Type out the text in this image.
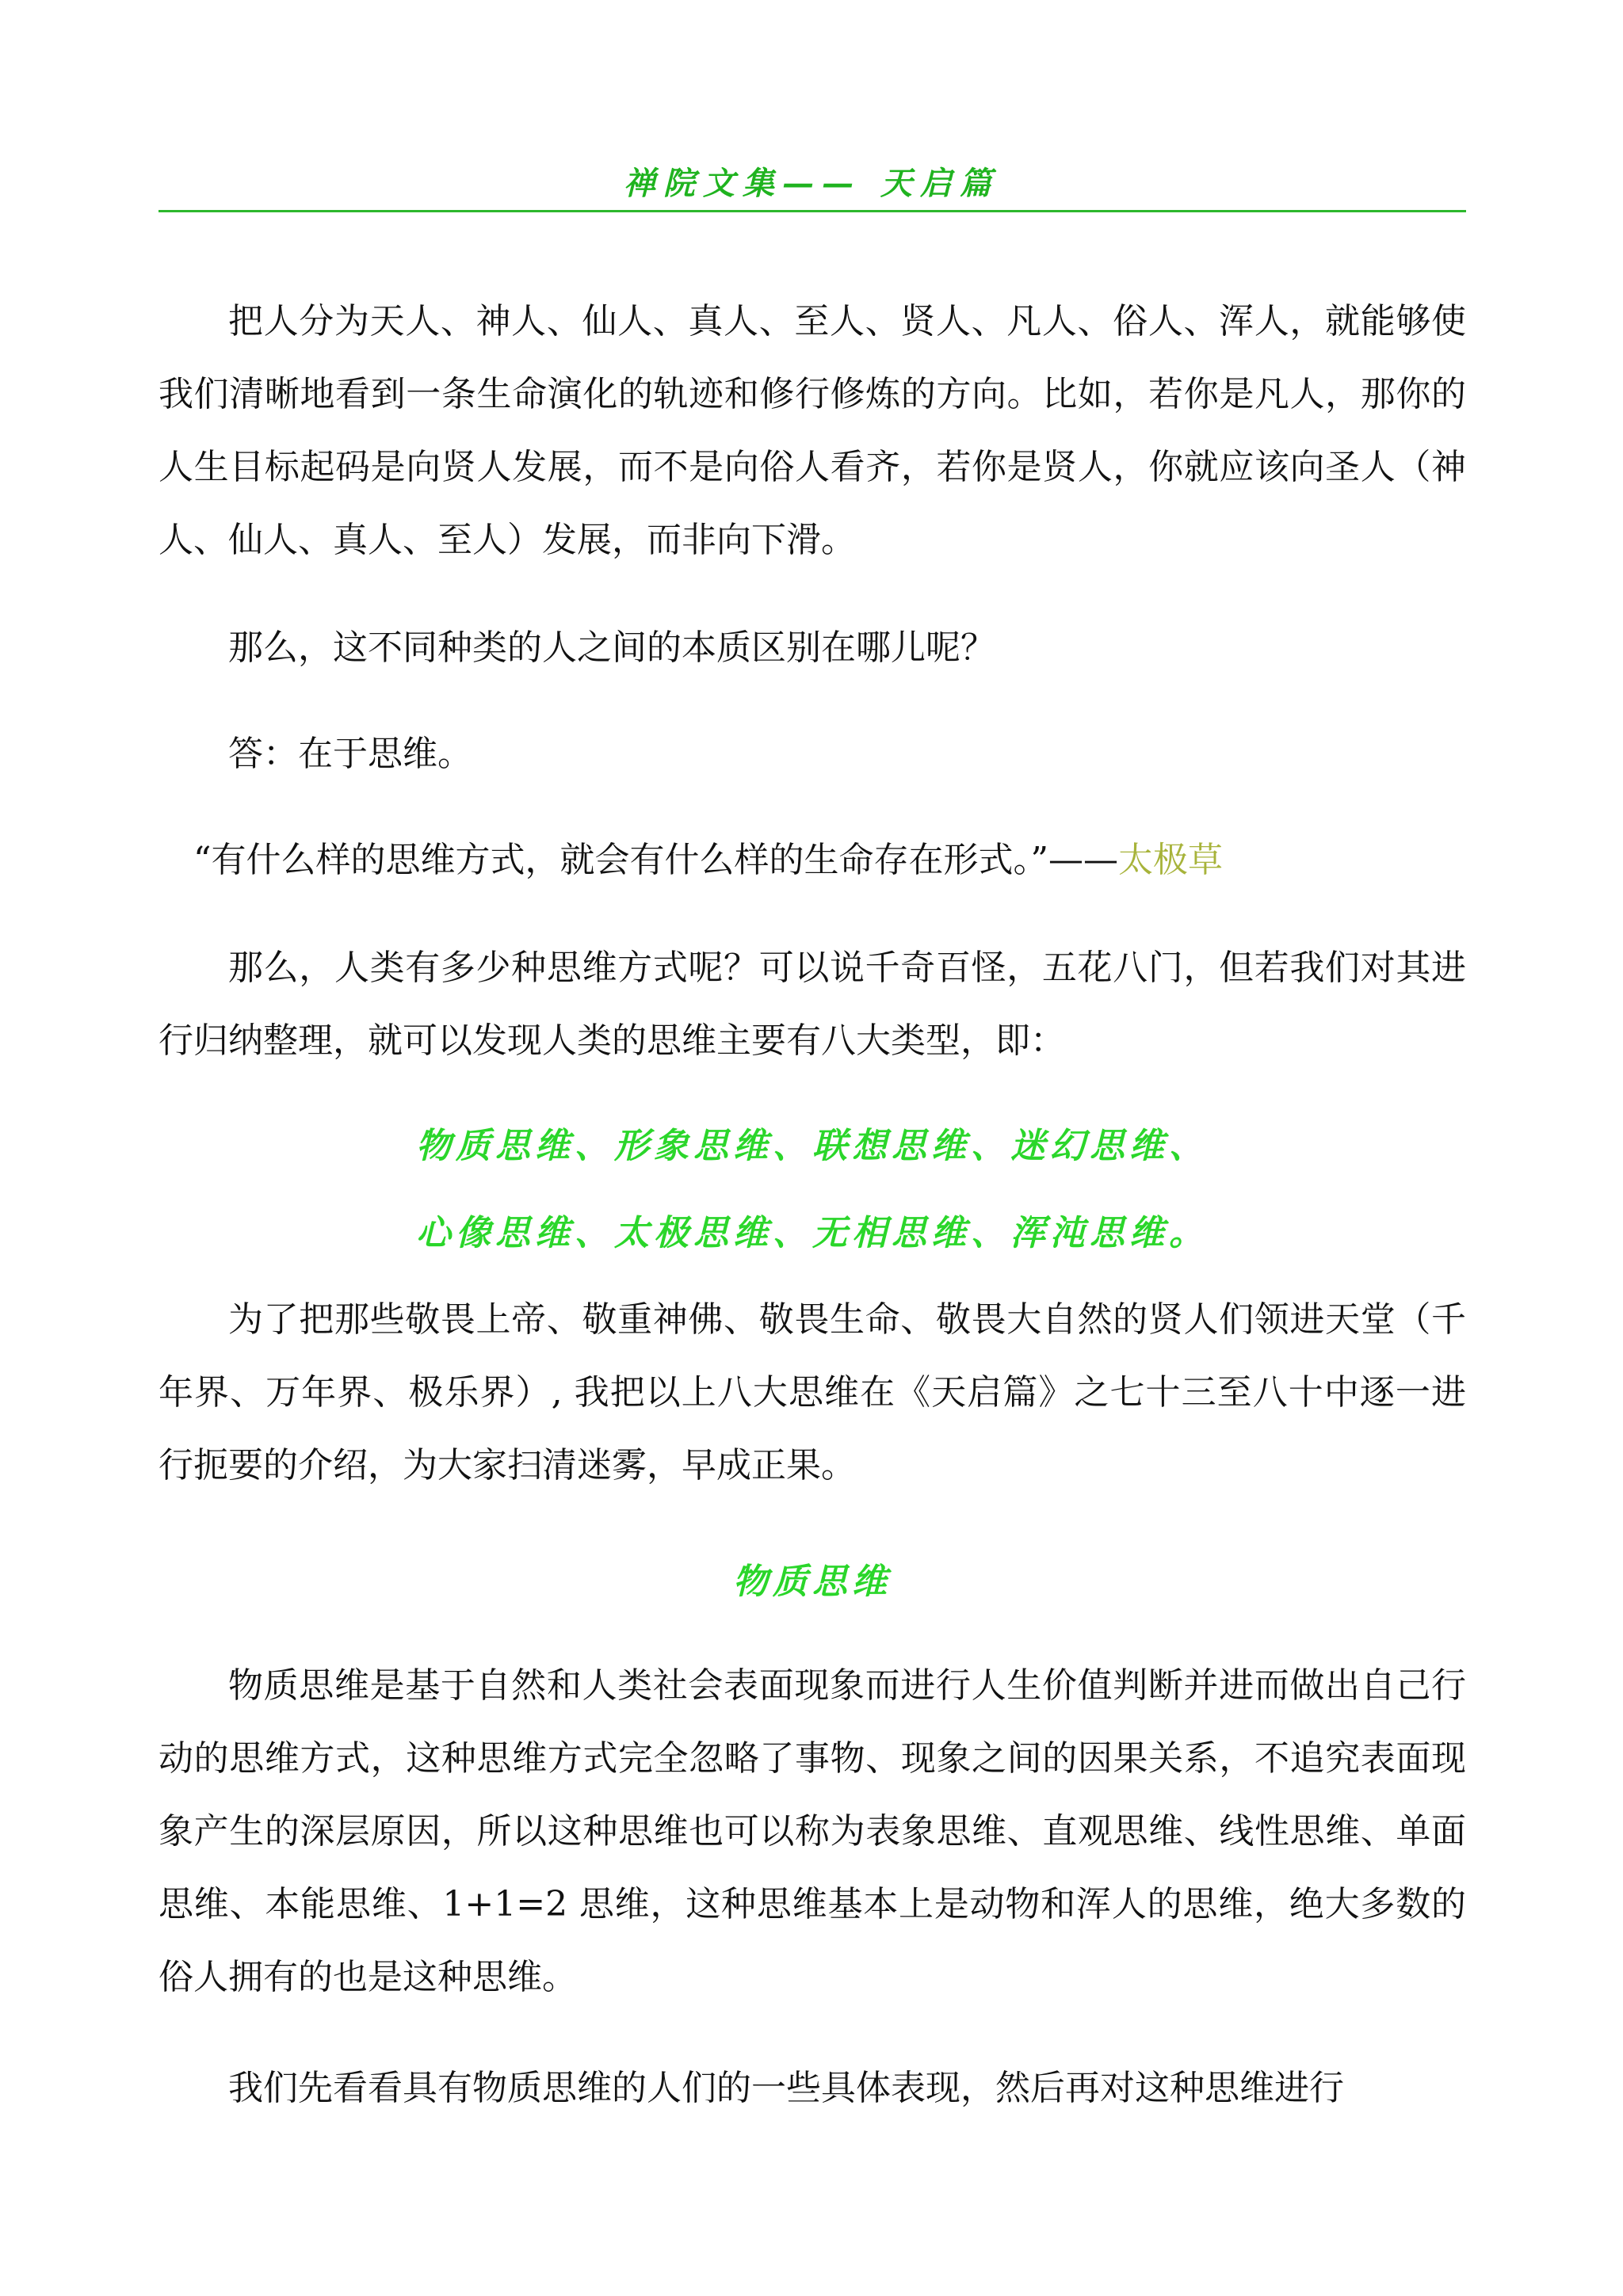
禅院文集—— 天启篇

把人分为天人、神人、仙人、真人、至人、贤人、凡人、俗人、浑人，就能够使我们清晰地看到一条生命演化的轨迹和修行修炼的方向。比如，若你是凡人，那你的人生目标起码是向贤人发展，而不是向俗人看齐，若你是贤人，你就应该向圣人（神人、仙人、真人、至人）发展，而非向下滑。

那么，这不同种类的人之间的本质区别在哪儿呢？

答：在于思维。

“有什么样的思维方式，就会有什么样的生命存在形式。”——太极草

那么，人类有多少种思维方式呢？可以说千奇百怪，五花八门，但若我们对其进行归纳整理，就可以发现人类的思维主要有八大类型，即：

物质思维、形象思维、联想思维、迷幻思维、
心像思维、太极思维、无相思维、浑沌思维。

为了把那些敬畏上帝、敬重神佛、敬畏生命、敬畏大自然的贤人们领进天堂（千年界、万年界、极乐界）, 我把以上八大思维在《天启篇》之七十三至八十中逐一进行扼要的介绍，为大家扫清迷雾，早成正果。

物质思维

物质思维是基于自然和人类社会表面现象而进行人生价值判断并进而做出自己行动的思维方式，这种思维方式完全忽略了事物、现象之间的因果关系，不追究表面现象产生的深层原因，所以这种思维也可以称为表象思维、直观思维、线性思维、单面思维、本能思维、1+1=2 思维，这种思维基本上是动物和浑人的思维，绝大多数的俗人拥有的也是这种思维。

我们先看看具有物质思维的人们的一些具体表现，然后再对这种思维进行
